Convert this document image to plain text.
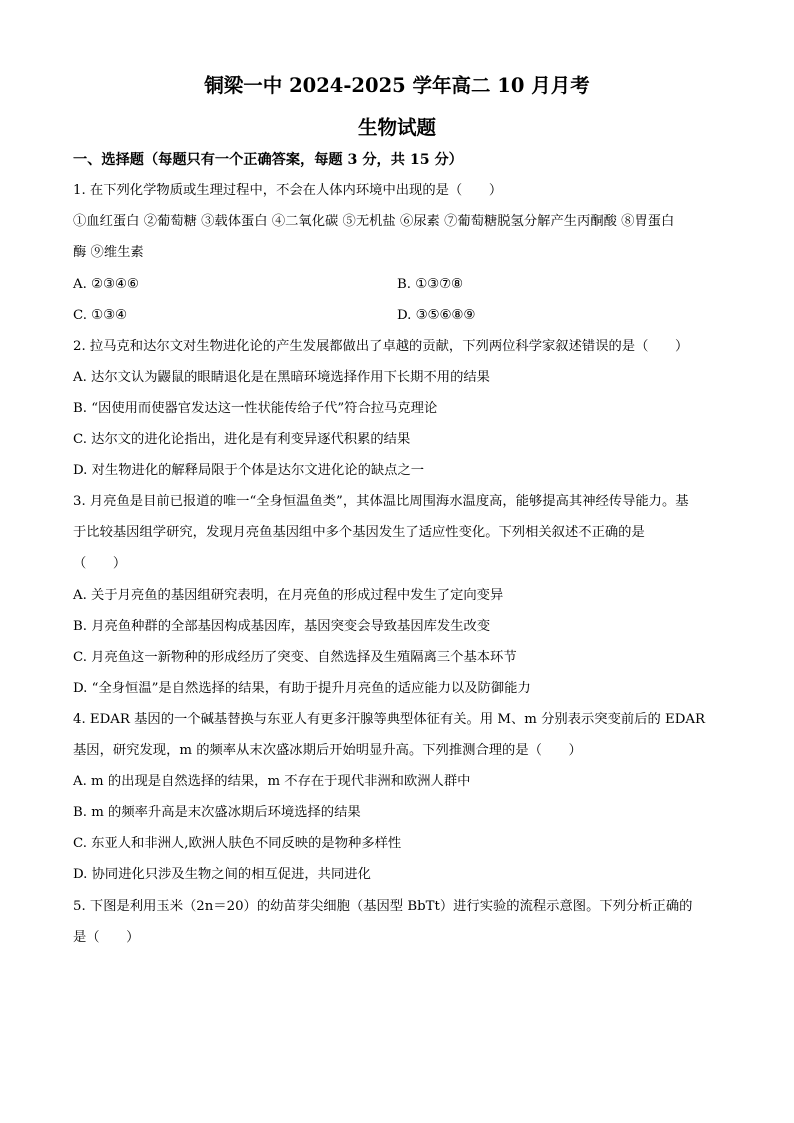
铜梁一中 2024-2025 学年高二 10 月月考
生物试题
一、选择题（每题只有一个正确答案，每题 3 分，共 15 分）
1. 在下列化学物质或生理过程中，不会在人体内环境中出现的是（　　）
①血红蛋白 ②葡萄糖 ③载体蛋白 ④二氧化碳 ⑤无机盐 ⑥尿素 ⑦葡萄糖脱氢分解产生丙酮酸 ⑧胃蛋白
酶 ⑨维生素
A. ②③④⑥	B. ①③⑦⑧
C. ①③④	D. ③⑤⑥⑧⑨
2. 拉马克和达尔文对生物进化论的产生发展都做出了卓越的贡献，下列两位科学家叙述错误的是（　　）
A. 达尔文认为鼹鼠的眼睛退化是在黑暗环境选择作用下长期不用的结果
B. “因使用而使器官发达这一性状能传给子代”符合拉马克理论
C. 达尔文的进化论指出，进化是有利变异逐代积累的结果
D. 对生物进化的解释局限于个体是达尔文进化论的缺点之一
3. 月亮鱼是目前已报道的唯一“全身恒温鱼类”，其体温比周围海水温度高，能够提高其神经传导能力。基
于比较基因组学研究，发现月亮鱼基因组中多个基因发生了适应性变化。下列相关叙述不正确的是
（　　）
A. 关于月亮鱼的基因组研究表明，在月亮鱼的形成过程中发生了定向变异
B. 月亮鱼种群的全部基因构成基因库，基因突变会导致基因库发生改变
C. 月亮鱼这一新物种的形成经历了突变、自然选择及生殖隔离三个基本环节
D. “全身恒温”是自然选择的结果，有助于提升月亮鱼的适应能力以及防御能力
4. EDAR 基因的一个碱基替换与东亚人有更多汗腺等典型体征有关。用 M、m 分别表示突变前后的 EDAR
基因，研究发现，m 的频率从末次盛冰期后开始明显升高。下列推测合理的是（　　）
A. m 的出现是自然选择的结果，m 不存在于现代非洲和欧洲人群中
B. m 的频率升高是末次盛冰期后环境选择的结果
C. 东亚人和非洲人,欧洲人肤色不同反映的是物种多样性
D. 协同进化只涉及生物之间的相互促进，共同进化
5. 下图是利用玉米（2n＝20）的幼苗芽尖细胞（基因型 BbTt）进行实验的流程示意图。下列分析正确的
是（　　）
